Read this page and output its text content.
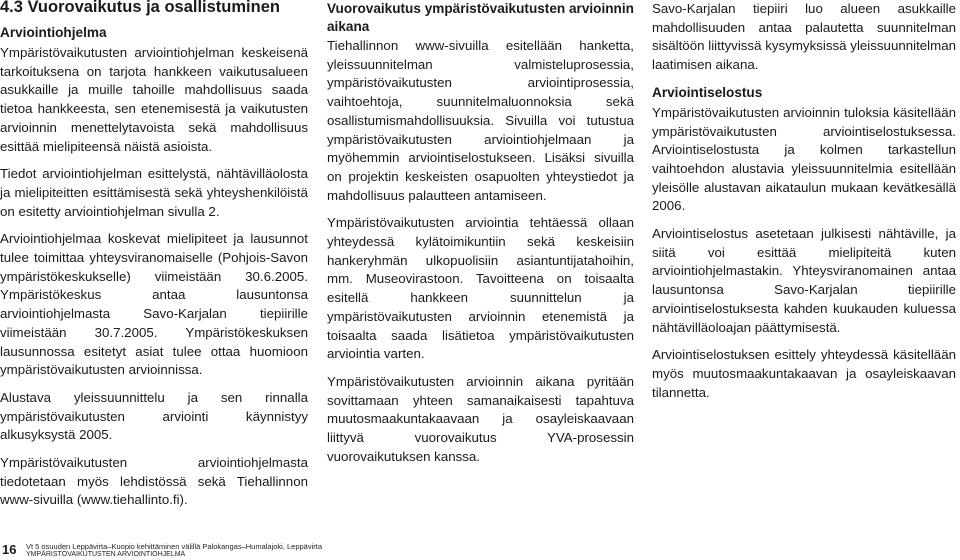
4.3 Vuorovaikutus ja osallistuminen
Arviointiohjelma

Ympäristövaikutusten arviointiohjelman keskeisenä tarkoituksena on tarjota hankkeen vaikutusalueen asukkaille ja muille tahoille mahdollisuus saada tietoa hankkeesta, sen etenemisestä ja vaikutusten arvioinnin menettelytavoista sekä mahdollisuus esittää mielipiteensä näistä asioista.

Tiedot arviointiohjelman esittelystä, nähtävilläolosta ja mielipiteitten esittämisestä sekä yhteyshenkilöistä on esitetty arviointiohjelman sivulla 2.

Arviointiohjelmaa koskevat mielipiteet ja lausunnot tulee toimittaa yhteysviranomaiselle (Pohjois-Savon ympäristökeskukselle) viimeistään 30.6.2005. Ympäristökeskus antaa lausuntonsa arviointiohjelmasta Savo-Karjalan tiepiirille viimeistään 30.7.2005. Ympäristökeskuksen lausunnossa esitetyt asiat tulee ottaa huomioon ympäristövaikutusten arvioinnissa.

Alustava yleissuunnittelu ja sen rinnalla ympäristövaikutusten arviointi käynnistyy alkusyksystä 2005.

Ympäristövaikutusten arviointiohjelmasta tiedotetaan myös lehdistössä sekä Tiehallinnon www-sivuilla (www.tiehallinto.fi).

Vuorovaikutus ympäristövaikutusten arvioinnin aikana

Tiehallinnon www-sivuilla esitellään hanketta, yleissuunnitelman valmisteluprosessia, ympäristövaikutusten arviointiprosessia, vaihtoehtoja, suunnitelmaluonnoksia sekä osallistumismahdollisuuksia. Sivuilla voi tutustua ympäristövaikutusten arviointiohjelmaan ja myöhemmin arviointiselostukseen. Lisäksi sivuilla on projektin keskeisten osapuolten yhteystiedot ja mahdollisuus palautteen antamiseen.

Ympäristövaikutusten arviointia tehtäessä ollaan yhteydessä kylätoimikuntiin sekä keskeisiin hankeryhmän ulkopuolisiin asiantuntijatahoihin, mm. Museovirastoon. Tavoitteena on toisaalta esitellä hankkeen suunnittelun ja ympäristövaikutusten arvioinnin etenemistä ja toisaalta saada lisätietoa ympäristövaikutusten arviointia varten.

Ympäristövaikutusten arvioinnin aikana pyritään sovittamaan yhteen samanaikaisesti tapahtuva muutosmaakuntakaavaan ja osayleiskaavaan liittyvä vuorovaikutus YVA-prosessin vuorovaikutuksen kanssa.

Savo-Karjalan tiepiiri luo alueen asukkaille mahdollisuuden antaa palautetta suunnitelman sisältöön liittyvissä kysymyksissä yleissuunnitelman laatimisen aikana.

Arviointiselostus

Ympäristövaikutusten arvioinnin tuloksia käsitellään ympäristövaikutusten arviointiselostuksessa. Arviointiselostusta ja kolmen tarkastellun vaihtoehdon alustavia yleissuunnitelmia esitellään yleisölle alustavan aikataulun mukaan kevätkesällä 2006.

Arviointiselostus asetetaan julkisesti nähtäville, ja siitä voi esittää mielipiteitä kuten arviointiohjelmastakin. Yhteysviranomainen antaa lausuntonsa Savo-Karjalan tiepiirille arviointiselostuksesta kahden kuukauden kuluessa nähtävilläoloajan päättymisestä.

Arviointiselostuksen esittely yhteydessä käsitellään myös muutosmaakuntakaavan ja osayleiskaavan tilannetta.

16 Vt 5 osuuden Leppävirta–Kuopio kehittäminen välillä Palokangas–Humalajoki, Leppävirta
YMPÄRISTÖVAIKUTUSTEN ARVIOINTIOHJELMA
